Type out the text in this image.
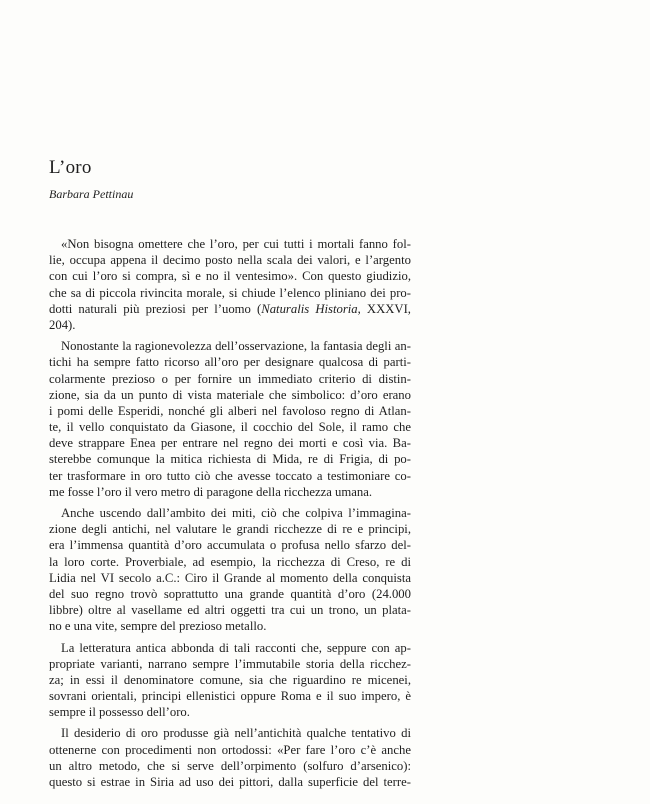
L’oro

Barbara Pettinau

«Non bisogna omettere che l’oro, per cui tutti i mortali fanno fol-
lie, occupa appena il decimo posto nella scala dei valori, e l’argento
con cui l’oro si compra, sì e no il ventesimo». Con questo giudizio,
che sa di piccola rivincita morale, si chiude l’elenco pliniano dei pro-
dotti naturali più preziosi per l’uomo (Naturalis Historia, XXXVI,
204).
Nonostante la ragionevolezza dell’osservazione, la fantasia degli an-
tichi ha sempre fatto ricorso all’oro per designare qualcosa di parti-
colarmente prezioso o per fornire un immediato criterio di distin-
zione, sia da un punto di vista materiale che simbolico: d’oro erano
i pomi delle Esperidi, nonché gli alberi nel favoloso regno di Atlan-
te, il vello conquistato da Giasone, il cocchio del Sole, il ramo che
deve strappare Enea per entrare nel regno dei morti e così via. Ba-
sterebbe comunque la mitica richiesta di Mida, re di Frigia, di po-
ter trasformare in oro tutto ciò che avesse toccato a testimoniare co-
me fosse l’oro il vero metro di paragone della ricchezza umana.
Anche uscendo dall’ambito dei miti, ciò che colpiva l’immagina-
zione degli antichi, nel valutare le grandi ricchezze di re e principi,
era l’immensa quantità d’oro accumulata o profusa nello sfarzo del-
la loro corte. Proverbiale, ad esempio, la ricchezza di Creso, re di
Lidia nel VI secolo a.C.: Ciro il Grande al momento della conquista
del suo regno trovò soprattutto una grande quantità d’oro (24.000
libbre) oltre al vasellame ed altri oggetti tra cui un trono, un plata-
no e una vite, sempre del prezioso metallo.
La letteratura antica abbonda di tali racconti che, seppure con ap-
propriate varianti, narrano sempre l’immutabile storia della ricchez-
za; in essi il denominatore comune, sia che riguardino re micenei,
sovrani orientali, principi ellenistici oppure Roma e il suo impero, è
sempre il possesso dell’oro.
Il desiderio di oro produsse già nell’antichità qualche tentativo di
ottenerne con procedimenti non ortodossi: «Per fare l’oro c’è anche
un altro metodo, che si serve dell’orpimento (solfuro d’arsenico):
questo si estrae in Siria ad uso dei pittori, dalla superficie del terre-
